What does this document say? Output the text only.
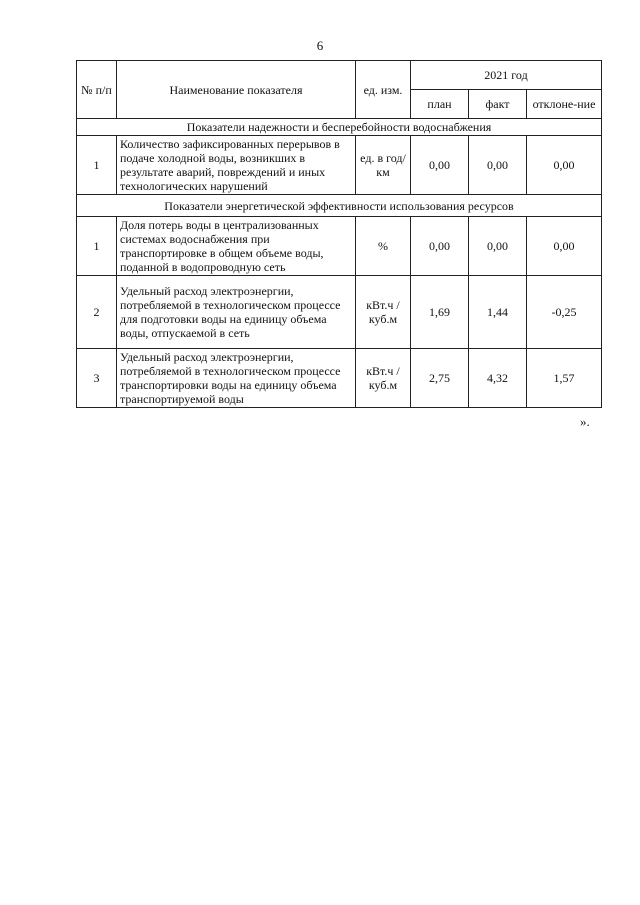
6
№ п/п	Наименование показателя	ед. изм.	2021 год		
			план	факт	отклоне-ние
Показатели надежности и бесперебойности водоснабжения					
1	Количество зафиксированных перерывов в подаче холодной воды, возникших в результате аварий, повреждений и иных технологических нарушений	ед. в год/ км	0,00	0,00	0,00
Показатели энергетической эффективности использования ресурсов					
1	Доля потерь воды в централизованных системах водоснабжения при транспортировке в общем объеме воды, поданной в водопроводную сеть	%	0,00	0,00	0,00
2	Удельный расход электроэнергии, потребляемой в технологическом процессе для подготовки воды на единицу объема воды, отпускаемой в сеть	кВт.ч / куб.м	1,69	1,44	-0,25
3	Удельный расход электроэнергии, потребляемой в технологическом процессе транспортировки воды на единицу объема транспортируемой воды	кВт.ч / куб.м	2,75	4,32	1,57
».
